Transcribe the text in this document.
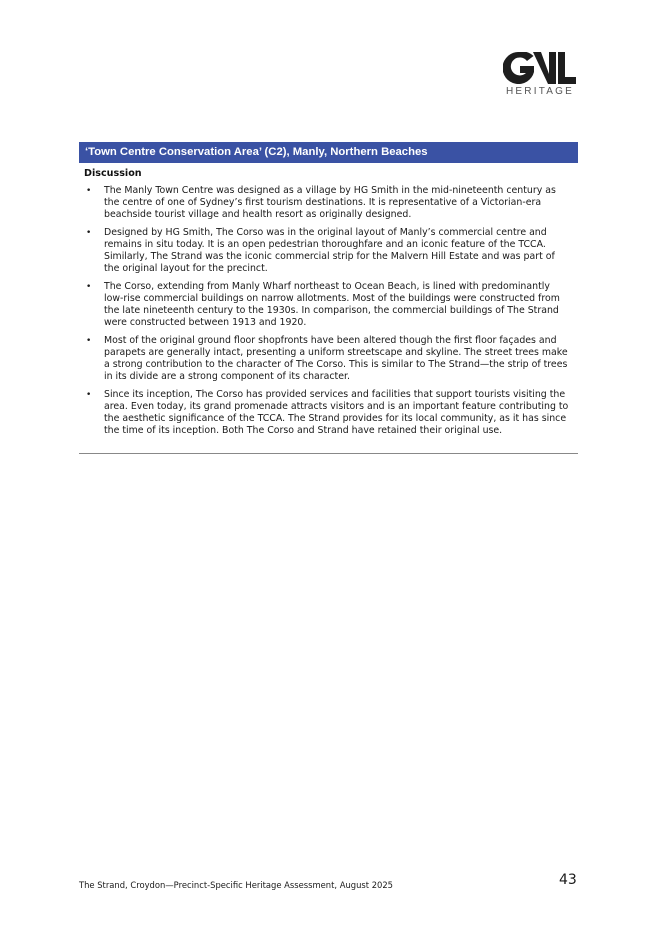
HERITAGE
‘Town Centre Conservation Area’ (C2), Manly, Northern Beaches
Discussion
• The Manly Town Centre was designed as a village by HG Smith in the mid-nineteenth century as the centre of one of Sydney’s first tourism destinations. It is representative of a Victorian-era beachside tourist village and health resort as originally designed.
• Designed by HG Smith, The Corso was in the original layout of Manly’s commercial centre and remains in situ today. It is an open pedestrian thoroughfare and an iconic feature of the TCCA. Similarly, The Strand was the iconic commercial strip for the Malvern Hill Estate and was part of the original layout for the precinct.
• The Corso, extending from Manly Wharf northeast to Ocean Beach, is lined with predominantly low-rise commercial buildings on narrow allotments. Most of the buildings were constructed from the late nineteenth century to the 1930s. In comparison, the commercial buildings of The Strand were constructed between 1913 and 1920.
• Most of the original ground floor shopfronts have been altered though the first floor façades and parapets are generally intact, presenting a uniform streetscape and skyline. The street trees make a strong contribution to the character of The Corso. This is similar to The Strand—the strip of trees in its divide are a strong component of its character.
• Since its inception, The Corso has provided services and facilities that support tourists visiting the area. Even today, its grand promenade attracts visitors and is an important feature contributing to the aesthetic significance of the TCCA. The Strand provides for its local community, as it has since the time of its inception. Both The Corso and Strand have retained their original use.
The Strand, Croydon—Precinct-Specific Heritage Assessment, August 2025	43
